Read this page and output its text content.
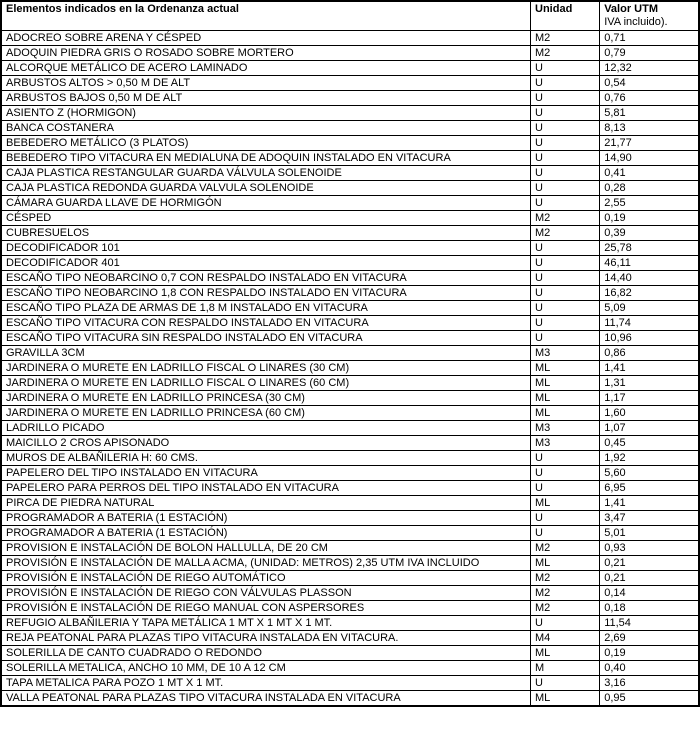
Elementos indicados en la Ordenanza actual	Unidad	Valor UTM
IVA incluido).

ADOCREO SOBRE ARENA Y CÉSPED	M2	0,71
ADOQUIN PIEDRA GRIS O ROSADO SOBRE MORTERO	M2	0,79
ALCORQUE METÁLICO DE ACERO LAMINADO	U	12,32
ARBUSTOS ALTOS > 0,50 M DE ALT	U	0,54
ARBUSTOS BAJOS 0,50 M DE ALT	U	0,76
ASIENTO Z (HORMIGON)	U	5,81
BANCA COSTANERA	U	8,13
BEBEDERO METÁLICO (3 PLATOS)	U	21,77
BEBEDERO TIPO VITACURA EN MEDIALUNA DE ADOQUIN INSTALADO EN VITACURA	U	14,90
CAJA PLASTICA RESTANGULAR GUARDA VÁLVULA SOLENOIDE	U	0,41
CAJA PLASTICA REDONDA GUARDA VALVULA SOLENOIDE	U	0,28
CÁMARA GUARDA LLAVE DE HORMIGÓN	U	2,55
CÉSPED	M2	0,19
CUBRESUELOS	M2	0,39
DECODIFICADOR 101	U	25,78
DECODIFICADOR 401	U	46,11
ESCAÑO TIPO NEOBARCINO 0,7 CON RESPALDO INSTALADO EN VITACURA	U	14,40
ESCAÑO TIPO NEOBARCINO 1,8 CON RESPALDO INSTALADO EN VITACURA	U	16,82
ESCAÑO TIPO PLAZA DE ARMAS DE 1,8 M INSTALADO EN VITACURA	U	5,09
ESCAÑO TIPO VITACURA CON RESPALDO INSTALADO EN VITACURA	U	11,74
ESCAÑO TIPO VITACURA SIN RESPALDO INSTALADO EN VITACURA	U	10,96
GRAVILLA 3CM	M3	0,86
JARDINERA O MURETE EN LADRILLO FISCAL O LINARES (30 CM)	ML	1,41
JARDINERA O MURETE EN LADRILLO FISCAL O LINARES (60 CM)	ML	1,31
JARDINERA O MURETE EN LADRILLO PRINCESA (30 CM)	ML	1,17
JARDINERA O MURETE EN LADRILLO PRINCESA (60 CM)	ML	1,60
LADRILLO PICADO	M3	1,07
MAICILLO 2 CROS APISONADO	M3	0,45
MUROS DE ALBAÑILERIA H: 60 CMS.	U	1,92
PAPELERO DEL TIPO INSTALADO EN VITACURA	U	5,60
PAPELERO PARA PERROS DEL TIPO INSTALADO EN VITACURA	U	6,95
PIRCA DE PIEDRA NATURAL	ML	1,41
PROGRAMADOR A BATERIA (1 ESTACIÓN)	U	3,47
PROGRAMADOR A BATERIA (1 ESTACIÓN)	U	5,01
PROVISION E INSTALACIÓN DE BOLON HALLULLA, DE 20 CM	M2	0,93
PROVISIÓN E INSTALACIÓN DE MALLA ACMA, (UNIDAD: METROS) 2,35 UTM IVA INCLUIDO	ML	0,21
PROVISIÓN E INSTALACIÓN DE RIEGO AUTOMÁTICO	M2	0,21
PROVISIÓN E INSTALACIÓN DE RIEGO CON VÁLVULAS PLASSON	M2	0,14
PROVISIÓN E INSTALACIÓN DE RIEGO MANUAL CON ASPERSORES	M2	0,18
REFUGIO ALBAÑILERIA Y TAPA METÁLICA 1 MT X 1 MT X 1 MT.	U	11,54
REJA PEATONAL PARA PLAZAS TIPO VITACURA INSTALADA EN VITACURA.	M4	2,69
SOLERILLA DE CANTO CUADRADO O REDONDO	ML	0,19
SOLERILLA METALICA, ANCHO 10 MM, DE 10 A 12 CM	M	0,40
TAPA METALICA PARA POZO 1 MT X 1 MT.	U	3,16
VALLA PEATONAL PARA PLAZAS TIPO VITACURA INSTALADA EN VITACURA	ML	0,95
